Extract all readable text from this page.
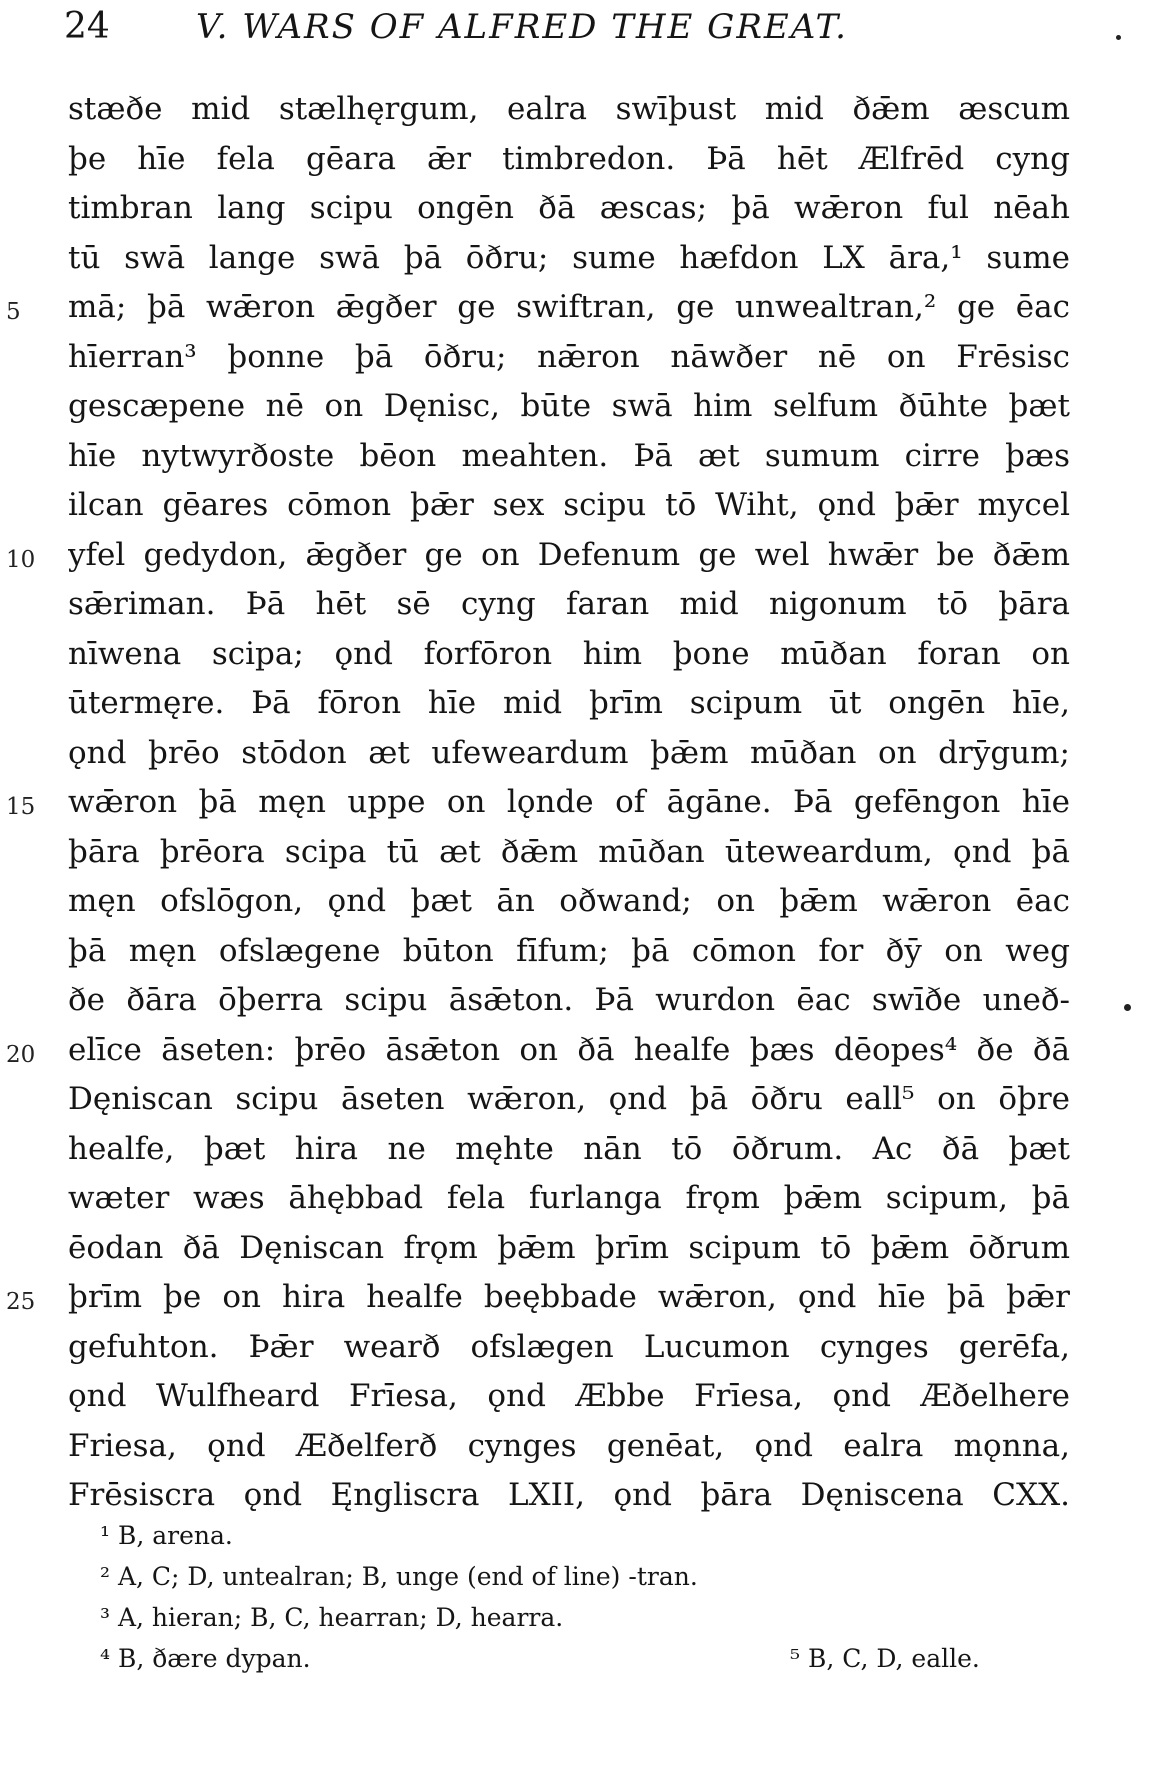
24	V. WARS OF ALFRED THE GREAT.
stæðe mid stælhęrgum, ealra swīþust mid ðǣm æscum
þe hīe fela gēara ǣr timbredon. Þā hēt Ælfrēd cyng
timbran lang scipu ongēn ðā æscas; þā wǣron ful nēah
tū swā lange swā þā ōðru; sume hæfdon LX āra,¹ sume
5	mā; þā wǣron ǣgðer ge swiftran, ge unwealtran,² ge ēac
hīerran³ þonne þā ōðru; nǣron nāwðer nē on Frēsisc
gescæpene nē on Dęnisc, būte swā him selfum ðūhte þæt
hīe nytwyrðoste bēon meahten. Þā æt sumum cirre þæs
ilcan gēares cōmon þǣr sex scipu tō Wiht, ǫnd þǣr mycel
10	yfel gedydon, ǣgðer ge on Defenum ge wel hwǣr be ðǣm
sǣriman. Þā hēt sē cyng faran mid nigonum tō þāra
nīwena scipa; ǫnd forfōron him þone mūðan foran on
ūtermęre. Þā fōron hīe mid þrīm scipum ūt ongēn hīe,
ǫnd þrēo stōdon æt ufeweardum þǣm mūðan on drȳgum;
15	wǣron þā męn uppe on lǫnde of āgāne. Þā gefēngon hīe
þāra þrēora scipa tū æt ðǣm mūðan ūteweardum, ǫnd þā
męn ofslōgon, ǫnd þæt ān oðwand; on þǣm wǣron ēac
þā męn ofslægene būton fīfum; þā cōmon for ðȳ on weg
ðe ðāra ōþerra scipu āsǣton. Þā wurdon ēac swīðe uneð-
20	elīce āseten: þrēo āsǣton on ðā healfe þæs dēopes⁴ ðe ðā
Dęniscan scipu āseten wǣron, ǫnd þā ōðru eall⁵ on ōþre
healfe, þæt hira ne męhte nān tō ōðrum. Ac ðā þæt
wæter wæs āhębbad fela furlanga frǫm þǣm scipum, þā
ēodan ðā Dęniscan frǫm þǣm þrīm scipum tō þǣm ōðrum
25	þrīm þe on hira healfe beębbade wǣron, ǫnd hīe þā þǣr
gefuhton. Þǣr wearð ofslægen Lucumon cynges gerēfa,
ǫnd Wulfheard Frīesa, ǫnd Æbbe Frīesa, ǫnd Æðelhere
Friesa, ǫnd Æðelferð cynges genēat, ǫnd ealra mǫnna,
Frēsiscra ǫnd Ęngliscra LXII, ǫnd þāra Dęniscena CXX.
¹ B, arena.
² A, C; D, untealran; B, unge (end of line) -tran.
³ A, hieran; B, C, hearran; D, hearra.
⁴ B, ðære dypan.	⁵ B, C, D, ealle.
